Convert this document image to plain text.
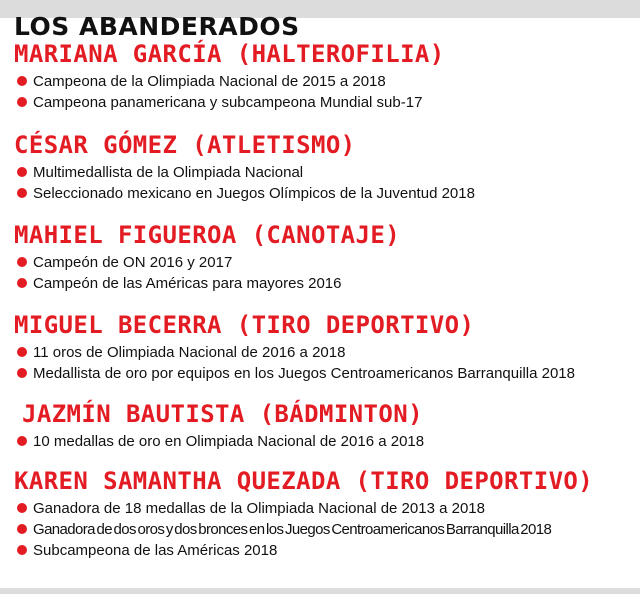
LOS ABANDERADOS
MARIANA GARCÍA (HALTEROFILIA)
Campeona de la Olimpiada Nacional de 2015 a 2018
Campeona panamericana y subcampeona Mundial sub-17
CÉSAR GÓMEZ (ATLETISMO)
Multimedallista de la Olimpiada Nacional
Seleccionado mexicano en Juegos Olímpicos de la Juventud 2018
MAHIEL FIGUEROA (CANOTAJE)
Campeón de ON 2016 y 2017
Campeón de las Américas para mayores 2016
MIGUEL BECERRA (TIRO DEPORTIVO)
11 oros de Olimpiada Nacional de 2016 a 2018
Medallista de oro por equipos en los Juegos Centroamericanos Barranquilla 2018
JAZMÍN BAUTISTA (BÁDMINTON)
10 medallas de oro en Olimpiada Nacional de 2016 a 2018
KAREN SAMANTHA QUEZADA (TIRO DEPORTIVO)
Ganadora de 18 medallas de la Olimpiada Nacional de 2013 a 2018
Ganadora de dos oros y dos bronces en los Juegos Centroamericanos Barranquilla 2018
Subcampeona de las Américas 2018
